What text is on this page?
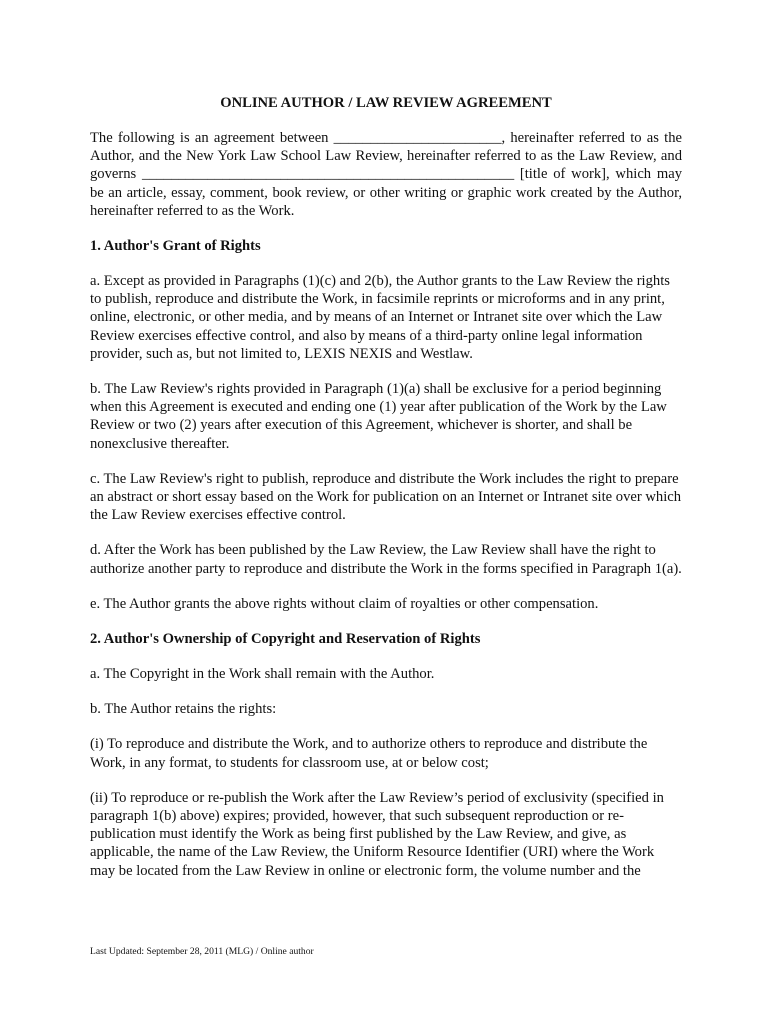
ONLINE AUTHOR / LAW REVIEW AGREEMENT

The following is an agreement between _______________________, hereinafter referred to as the Author, and the New York Law School Law Review, hereinafter referred to as the Law Review, and governs ___________________________________________________ [title of work], which may be an article, essay, comment, book review, or other writing or graphic work created by the Author, hereinafter referred to as the Work.

1. Author's Grant of Rights

a. Except as provided in Paragraphs (1)(c) and 2(b), the Author grants to the Law Review the rights to publish, reproduce and distribute the Work, in facsimile reprints or microforms and in any print, online, electronic, or other media, and by means of an Internet or Intranet site over which the Law Review exercises effective control, and also by means of a third-party online legal information provider, such as, but not limited to, LEXIS NEXIS and Westlaw.

b. The Law Review's rights provided in Paragraph (1)(a) shall be exclusive for a period beginning when this Agreement is executed and ending one (1) year after publication of the Work by the Law Review or two (2) years after execution of this Agreement, whichever is shorter, and shall be nonexclusive thereafter.

c. The Law Review's right to publish, reproduce and distribute the Work includes the right to prepare an abstract or short essay based on the Work for publication on an Internet or Intranet site over which the Law Review exercises effective control.

d. After the Work has been published by the Law Review, the Law Review shall have the right to authorize another party to reproduce and distribute the Work in the forms specified in Paragraph 1(a).

e. The Author grants the above rights without claim of royalties or other compensation.

2. Author's Ownership of Copyright and Reservation of Rights

a. The Copyright in the Work shall remain with the Author.

b. The Author retains the rights:

(i) To reproduce and distribute the Work, and to authorize others to reproduce and distribute the Work, in any format, to students for classroom use, at or below cost;

(ii) To reproduce or re-publish the Work after the Law Review’s period of exclusivity (specified in paragraph 1(b) above) expires; provided, however, that such subsequent reproduction or re-publication must identify the Work as being first published by the Law Review, and give, as applicable, the name of the Law Review, the Uniform Resource Identifier (URI) where the Work may be located from the Law Review in online or electronic form, the volume number and the

Last Updated: September 28, 2011 (MLG) / Online author
